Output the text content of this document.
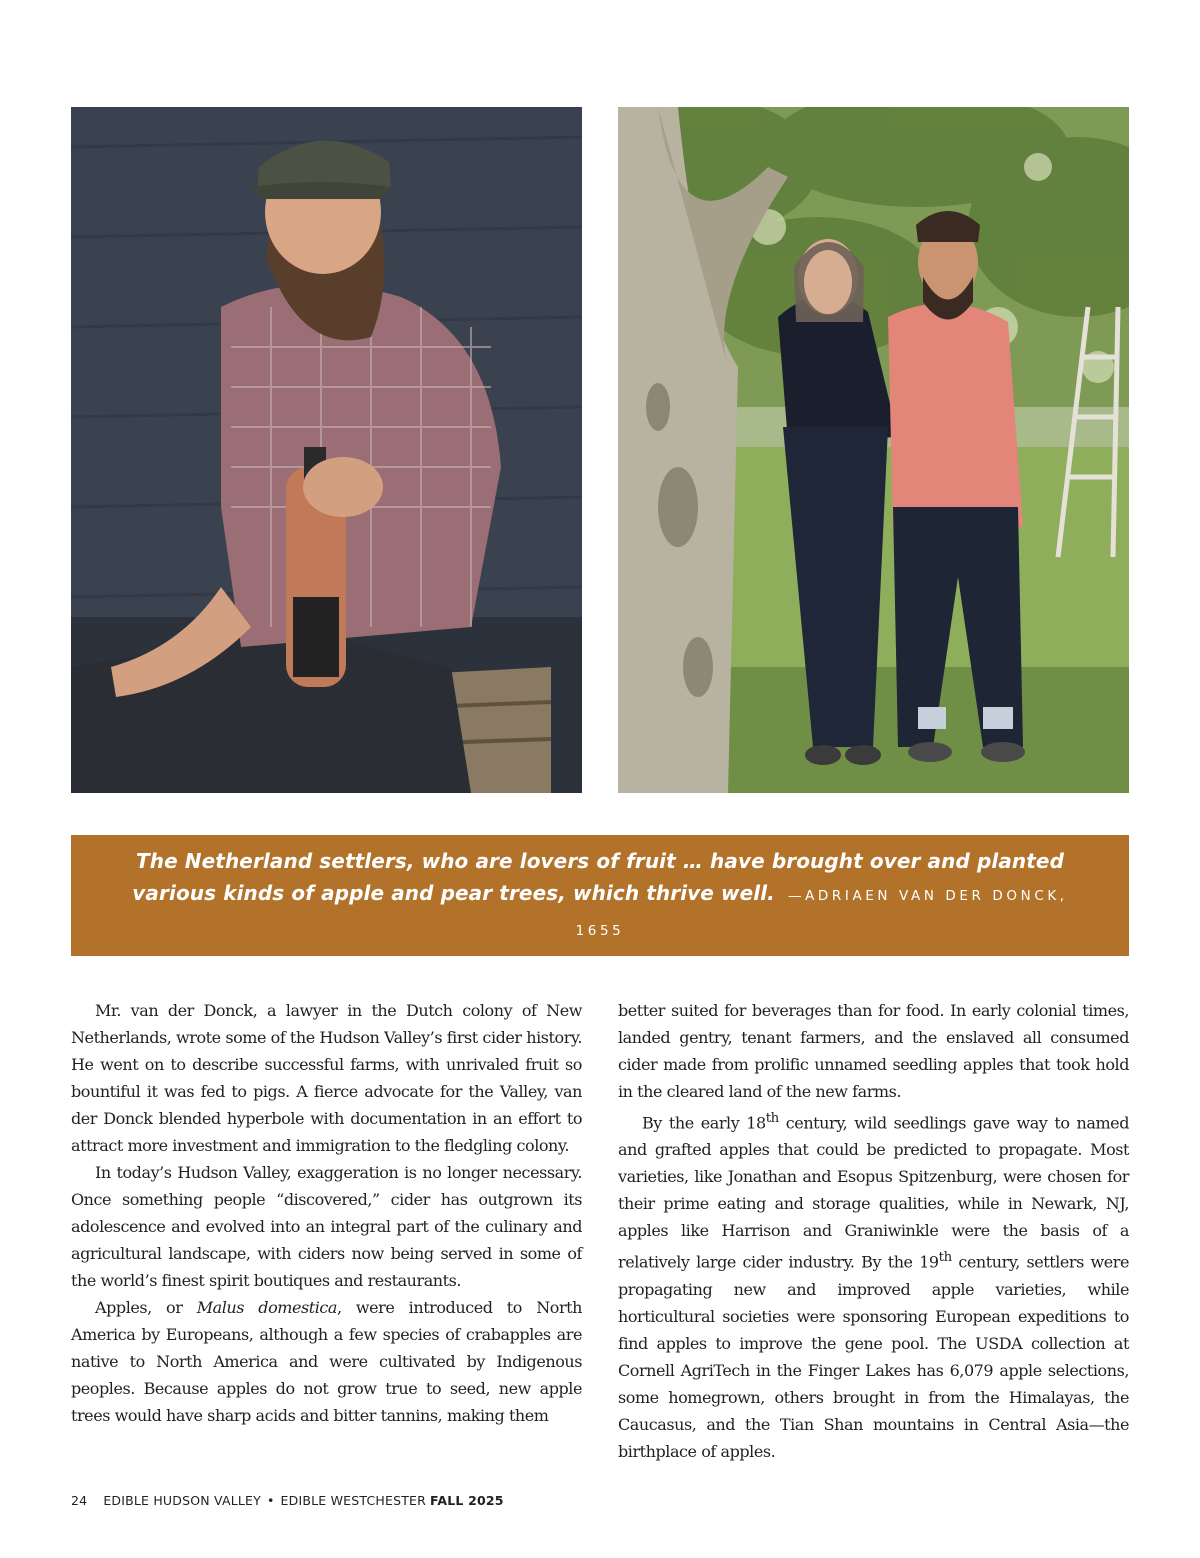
The Netherland settlers, who are lovers of fruit … have brought over and planted various kinds of apple and pear trees, which thrive well. —ADRIAEN VAN DER DONCK, 1655

Mr. van der Donck, a lawyer in the Dutch colony of New Netherlands, wrote some of the Hudson Valley’s first cider history. He went on to describe successful farms, with unrivaled fruit so bountiful it was fed to pigs. A fierce advocate for the Valley, van der Donck blended hyperbole with documentation in an effort to attract more investment and immigration to the fledgling colony.

In today’s Hudson Valley, exaggeration is no longer necessary. Once something people “discovered,” cider has outgrown its adolescence and evolved into an integral part of the culinary and agricultural landscape, with ciders now being served in some of the world’s finest spirit boutiques and restaurants.

Apples, or Malus domestica, were introduced to North America by Europeans, although a few species of crabapples are native to North America and were cultivated by Indigenous peoples. Because apples do not grow true to seed, new apple trees would have sharp acids and bitter tannins, making them

better suited for beverages than for food. In early colonial times, landed gentry, tenant farmers, and the enslaved all consumed cider made from prolific unnamed seedling apples that took hold in the cleared land of the new farms.

By the early 18th century, wild seedlings gave way to named and grafted apples that could be predicted to propagate. Most varieties, like Jonathan and Esopus Spitzenburg, were chosen for their prime eating and storage qualities, while in Newark, NJ, apples like Harrison and Graniwinkle were the basis of a relatively large cider industry. By the 19th century, settlers were propagating new and improved apple varieties, while horticultural societies were sponsoring European expeditions to find apples to improve the gene pool. The USDA collection at Cornell AgriTech in the Finger Lakes has 6,079 apple selections, some homegrown, others brought in from the Himalayas, the Caucasus, and the Tian Shan mountains in Central Asia—the birthplace of apples.

24 EDIBLE HUDSON VALLEY • EDIBLE WESTCHESTER FALL 2025
